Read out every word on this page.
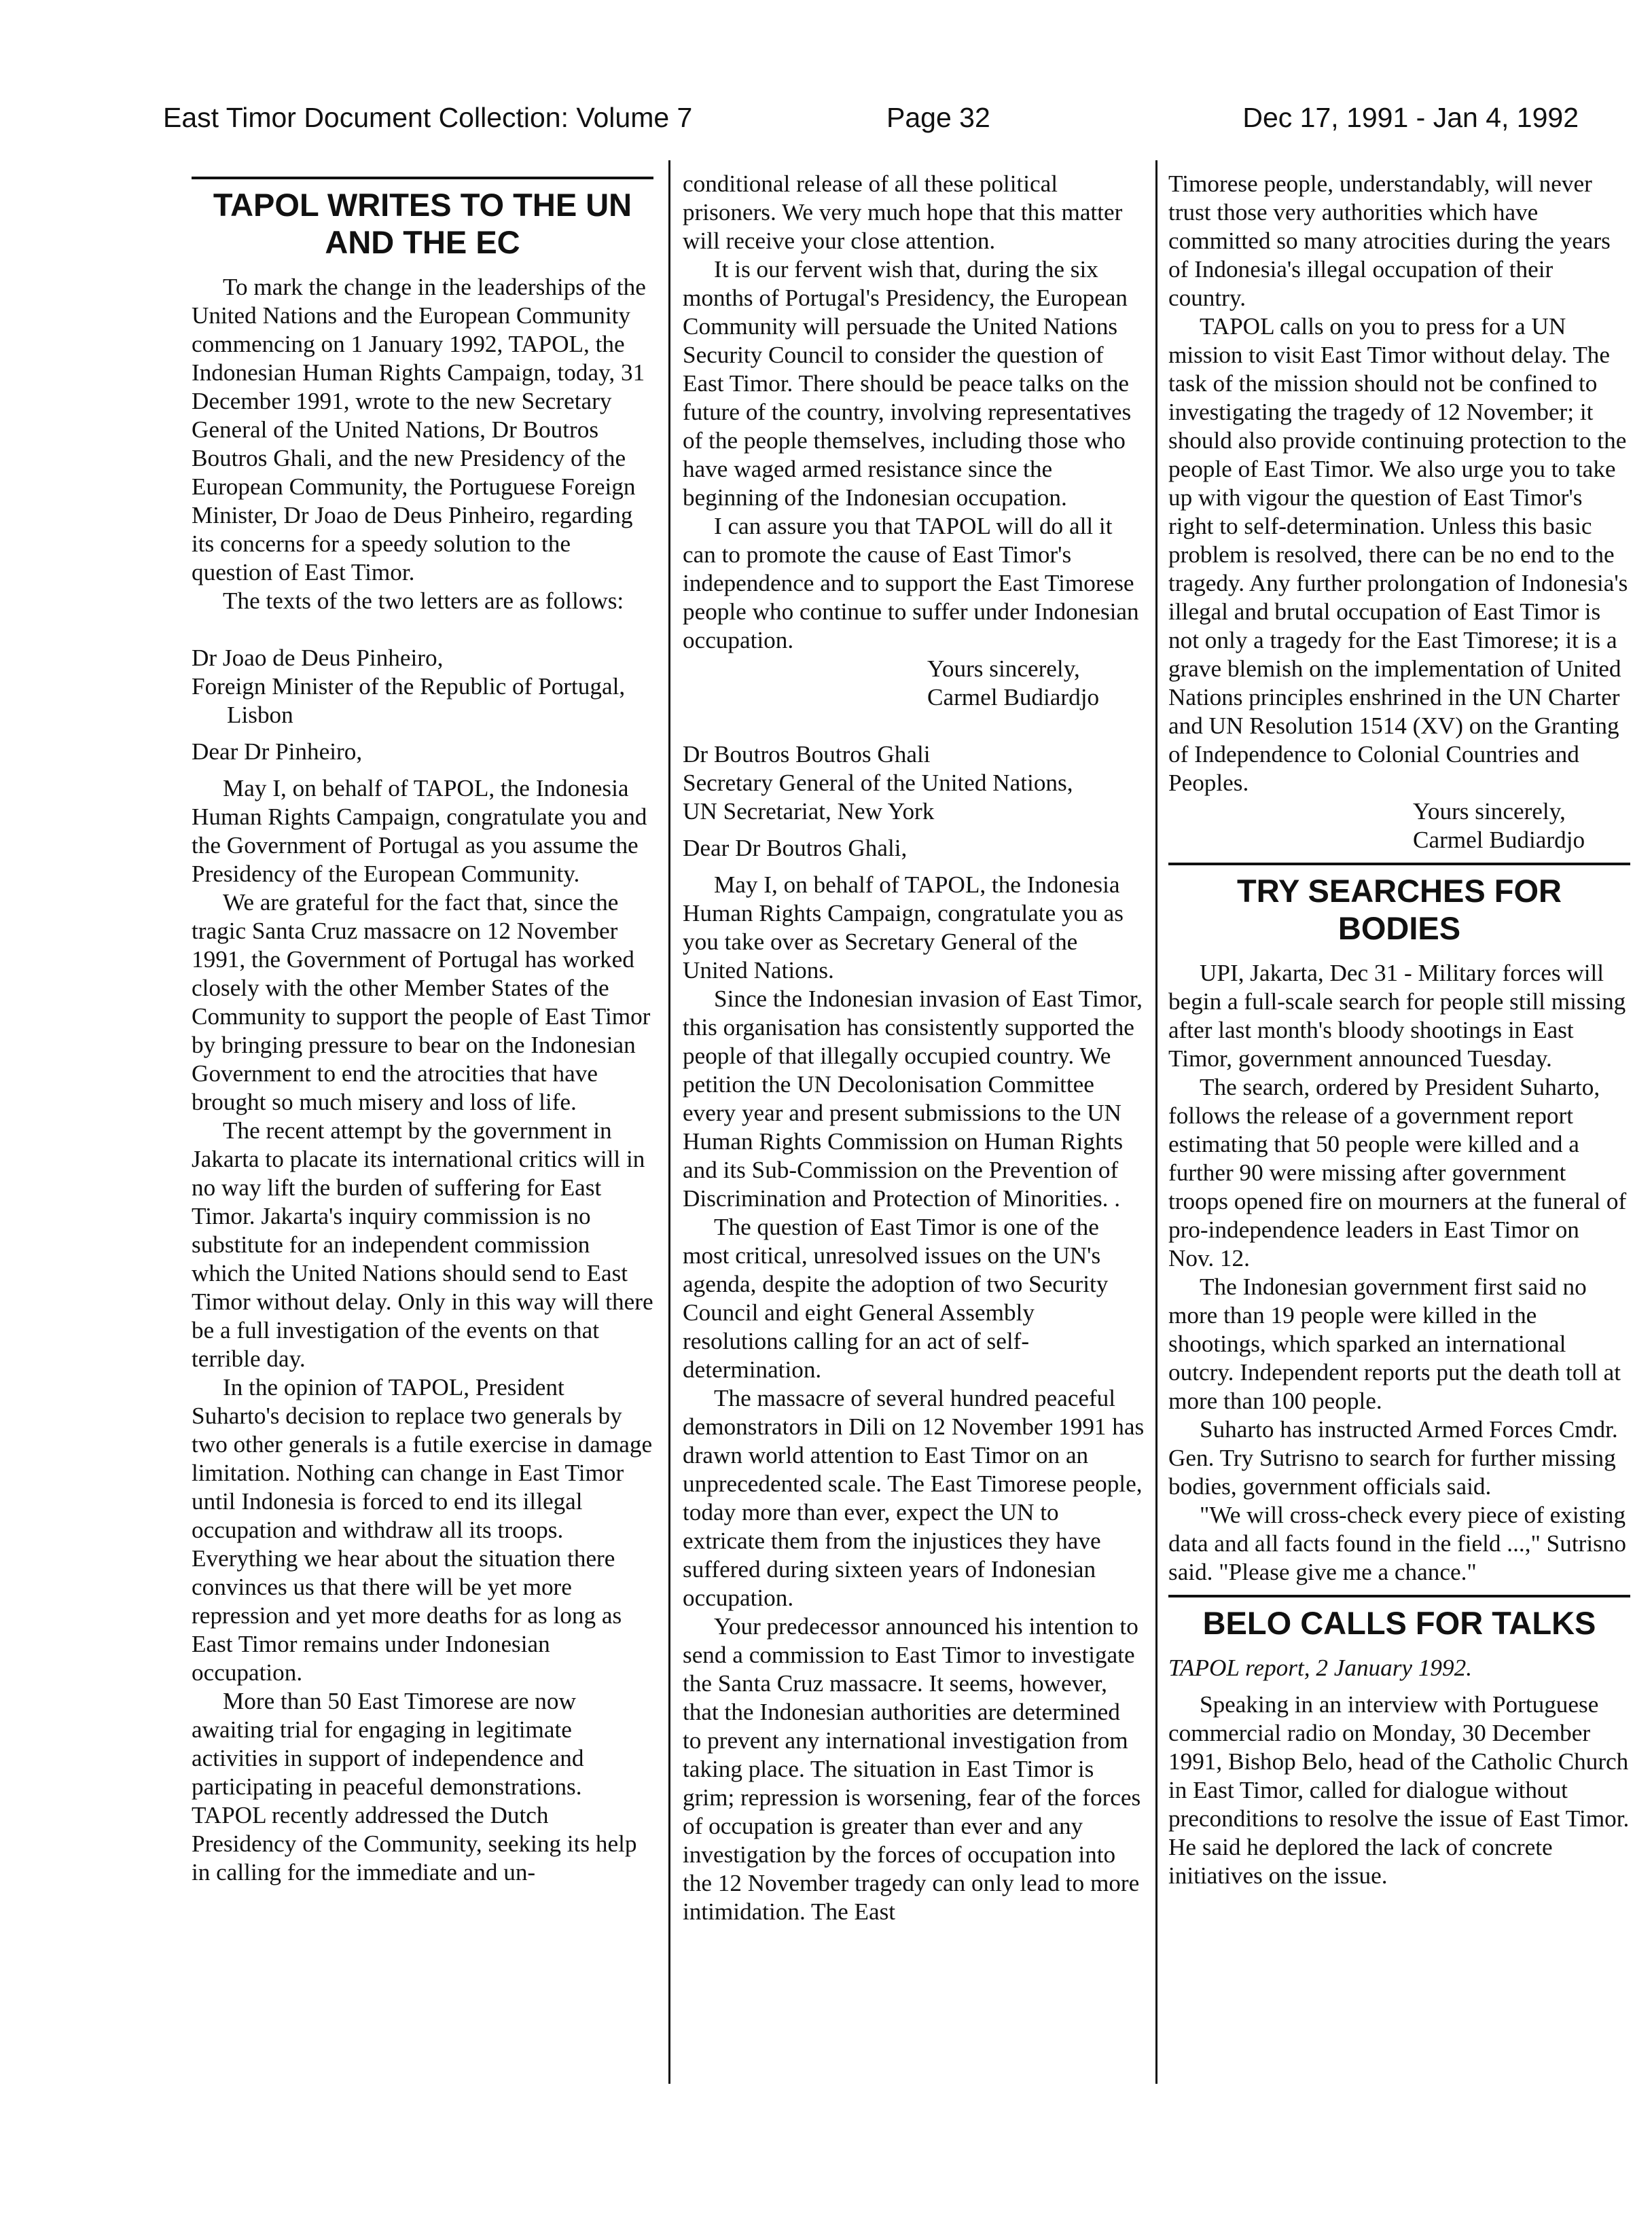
East Timor Document Collection: Volume 7	Page 32	Dec 17, 1991 - Jan 4, 1992
TAPOL WRITES TO THE UN
AND THE EC

To mark the change in the leaderships of the United Nations and the European Community commencing on 1 January 1992, TAPOL, the Indonesian Human Rights Campaign, today, 31 December 1991, wrote to the new Secretary General of the United Nations, Dr Boutros Boutros Ghali, and the new Presidency of the European Community, the Portuguese Foreign Minister, Dr Joao de Deus Pinheiro, regarding its concerns for a speedy solution to the question of East Timor.

The texts of the two letters are as follows:

Dr Joao de Deus Pinheiro,

Foreign Minister of the Republic of Portugal, Lisbon

Dear Dr Pinheiro,

May I, on behalf of TAPOL, the Indonesia Human Rights Campaign, congratulate you and the Government of Portugal as you assume the Presidency of the European Community.

We are grateful for the fact that, since the tragic Santa Cruz massacre on 12 November 1991, the Government of Portugal has worked closely with the other Member States of the Community to support the people of East Timor by bringing pressure to bear on the Indonesian Government to end the atrocities that have brought so much misery and loss of life.

The recent attempt by the government in Jakarta to placate its international critics will in no way lift the burden of suffering for East Timor. Jakarta's inquiry commission is no substitute for an independent commission which the United Nations should send to East Timor without delay. Only in this way will there be a full investigation of the events on that terrible day.

In the opinion of TAPOL, President Suharto's decision to replace two generals by two other generals is a futile exercise in damage limitation. Nothing can change in East Timor until Indonesia is forced to end its illegal occupation and withdraw all its troops. Everything we hear about the situation there convinces us that there will be yet more repression and yet more deaths for as long as East Timor remains under Indonesian occupation.

More than 50 East Timorese are now awaiting trial for engaging in legitimate activities in support of independence and participating in peaceful demonstrations. TAPOL recently addressed the Dutch Presidency of the Community, seeking its help in calling for the immediate and un-

conditional release of all these political prisoners. We very much hope that this matter will receive your close attention.

It is our fervent wish that, during the six months of Portugal's Presidency, the European Community will persuade the United Nations Security Council to consider the question of East Timor. There should be peace talks on the future of the country, involving representatives of the people themselves, including those who have waged armed resistance since the beginning of the Indonesian occupation.

I can assure you that TAPOL will do all it can to promote the cause of East Timor's independence and to support the East Timorese people who continue to suffer under Indonesian occupation.

Yours sincerely,

Carmel Budiardjo

Dr Boutros Boutros Ghali

Secretary General of the United Nations,

UN Secretariat, New York

Dear Dr Boutros Ghali,

May I, on behalf of TAPOL, the Indonesia Human Rights Campaign, congratulate you as you take over as Secretary General of the United Nations.

Since the Indonesian invasion of East Timor, this organisation has consistently supported the people of that illegally occupied country. We petition the UN Decolonisation Committee every year and present submissions to the UN Human Rights Commission on Human Rights and its Sub-Commission on the Prevention of Discrimination and Protection of Minorities. .

The question of East Timor is one of the most critical, unresolved issues on the UN's agenda, despite the adoption of two Security Council and eight General Assembly resolutions calling for an act of self-determination.

The massacre of several hundred peaceful demonstrators in Dili on 12 November 1991 has drawn world attention to East Timor on an unprecedented scale. The East Timorese people, today more than ever, expect the UN to extricate them from the injustices they have suffered during sixteen years of Indonesian occupation.

Your predecessor announced his intention to send a commission to East Timor to investigate the Santa Cruz massacre. It seems, however, that the Indonesian authorities are determined to prevent any international investigation from taking place. The situation in East Timor is grim; repression is worsening, fear of the forces of occupation is greater than ever and any investigation by the forces of occupation into the 12 November tragedy can only lead to more intimidation. The East

Timorese people, understandably, will never trust those very authorities which have committed so many atrocities during the years of Indonesia's illegal occupation of their country.

TAPOL calls on you to press for a UN mission to visit East Timor without delay. The task of the mission should not be confined to investigating the tragedy of 12 November; it should also provide continuing protection to the people of East Timor. We also urge you to take up with vigour the question of East Timor's right to self-determination. Unless this basic problem is resolved, there can be no end to the tragedy. Any further prolongation of Indonesia's illegal and brutal occupation of East Timor is not only a tragedy for the East Timorese; it is a grave blemish on the implementation of United Nations principles enshrined in the UN Charter and UN Resolution 1514 (XV) on the Granting of Independence to Colonial Countries and Peoples.

Yours sincerely,

Carmel Budiardjo

TRY SEARCHES FOR
BODIES

UPI, Jakarta, Dec 31 - Military forces will begin a full-scale search for people still missing after last month's bloody shootings in East Timor, government announced Tuesday.

The search, ordered by President Suharto, follows the release of a government report estimating that 50 people were killed and a further 90 were missing after government troops opened fire on mourners at the funeral of pro-independence leaders in East Timor on Nov. 12.

The Indonesian government first said no more than 19 people were killed in the shootings, which sparked an international outcry. Independent reports put the death toll at more than 100 people.

Suharto has instructed Armed Forces Cmdr. Gen. Try Sutrisno to search for further missing bodies, government officials said.

"We will cross-check every piece of existing data and all facts found in the field ...," Sutrisno said. "Please give me a chance."

BELO CALLS FOR TALKS

TAPOL report, 2 January 1992.

Speaking in an interview with Portuguese commercial radio on Monday, 30 December 1991, Bishop Belo, head of the Catholic Church in East Timor, called for dialogue without preconditions to resolve the issue of East Timor. He said he deplored the lack of concrete initiatives on the issue.
